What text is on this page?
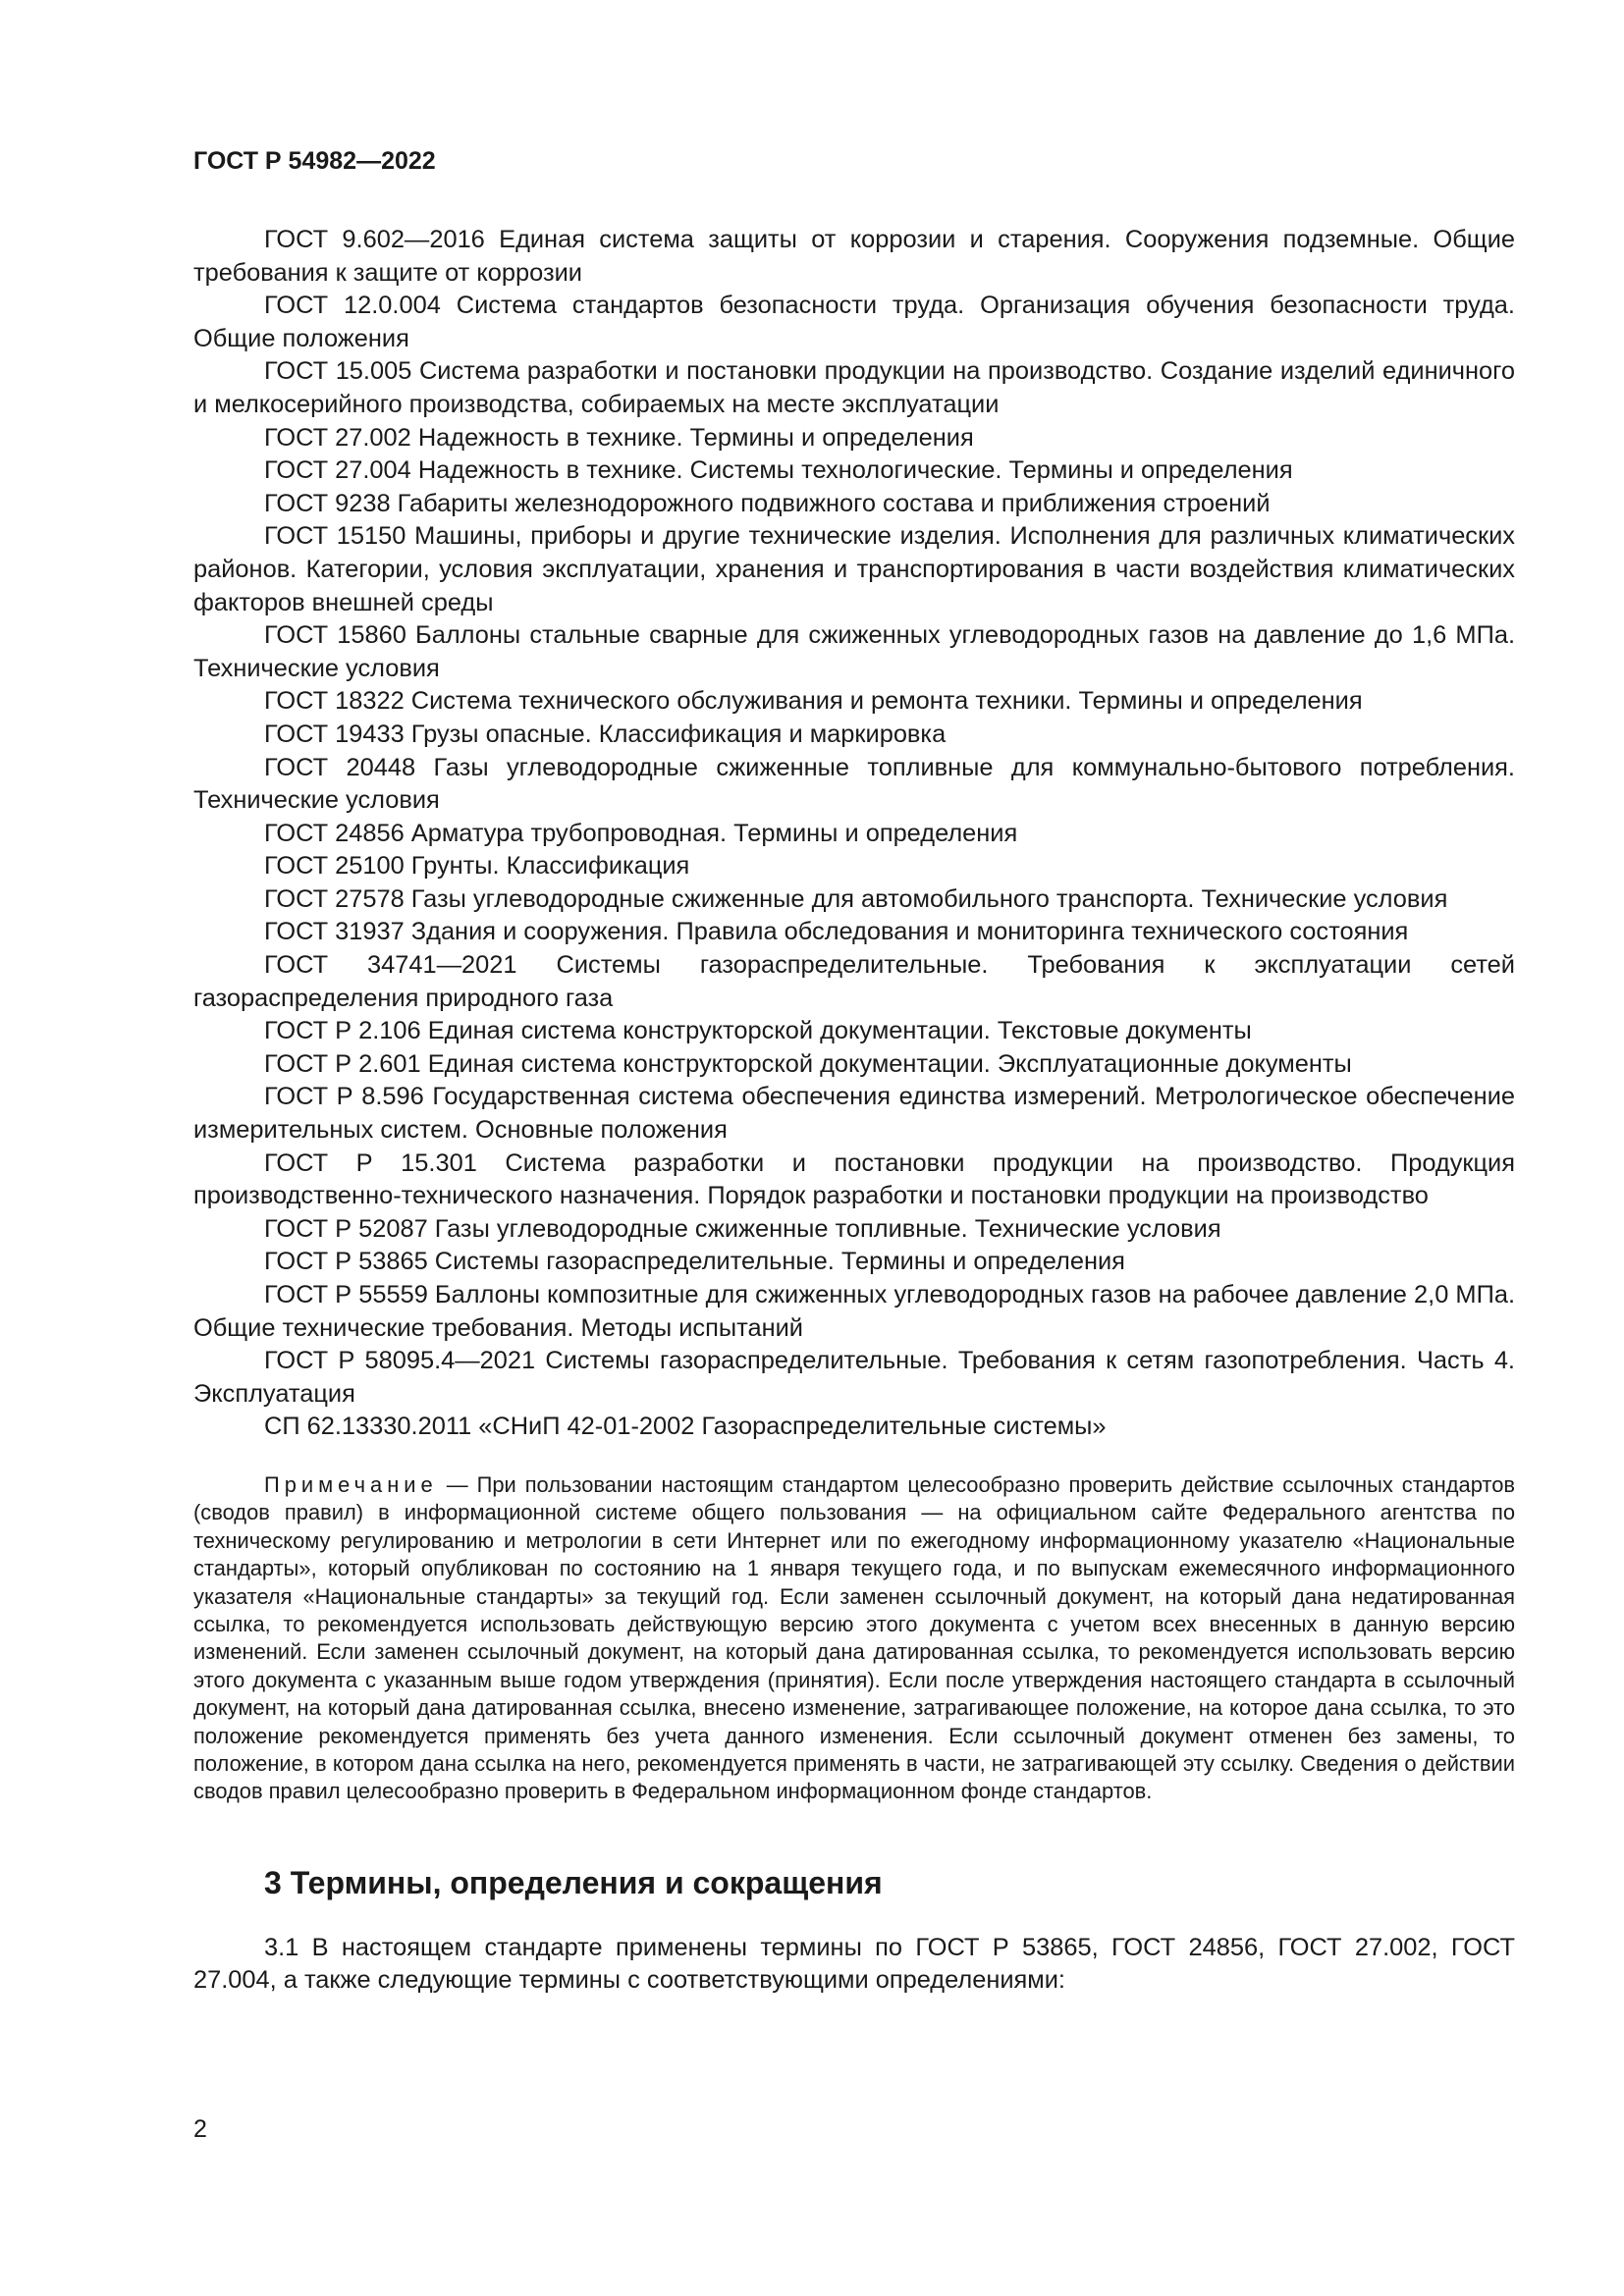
ГОСТ Р 54982—2022

ГОСТ 9.602—2016 Единая система защиты от коррозии и старения. Сооружения подземные. Общие требования к защите от коррозии

ГОСТ 12.0.004 Система стандартов безопасности труда. Организация обучения безопасности труда. Общие положения

ГОСТ 15.005 Система разработки и постановки продукции на производство. Создание изделий единичного и мелкосерийного производства, собираемых на месте эксплуатации

ГОСТ 27.002 Надежность в технике. Термины и определения

ГОСТ 27.004 Надежность в технике. Системы технологические. Термины и определения

ГОСТ 9238 Габариты железнодорожного подвижного состава и приближения строений

ГОСТ 15150 Машины, приборы и другие технические изделия. Исполнения для различных климатических районов. Категории, условия эксплуатации, хранения и транспортирования в части воздействия климатических факторов внешней среды

ГОСТ 15860 Баллоны стальные сварные для сжиженных углеводородных газов на давление до 1,6 МПа. Технические условия

ГОСТ 18322 Система технического обслуживания и ремонта техники. Термины и определения

ГОСТ 19433 Грузы опасные. Классификация и маркировка

ГОСТ 20448 Газы углеводородные сжиженные топливные для коммунально-бытового потребления. Технические условия

ГОСТ 24856 Арматура трубопроводная. Термины и определения

ГОСТ 25100 Грунты. Классификация

ГОСТ 27578 Газы углеводородные сжиженные для автомобильного транспорта. Технические условия

ГОСТ 31937 Здания и сооружения. Правила обследования и мониторинга технического состояния

ГОСТ 34741—2021 Системы газораспределительные. Требования к эксплуатации сетей газораспределения природного газа

ГОСТ Р 2.106 Единая система конструкторской документации. Текстовые документы

ГОСТ Р 2.601 Единая система конструкторской документации. Эксплуатационные документы

ГОСТ Р 8.596 Государственная система обеспечения единства измерений. Метрологическое обеспечение измерительных систем. Основные положения

ГОСТ Р 15.301 Система разработки и постановки продукции на производство. Продукция производственно-технического назначения. Порядок разработки и постановки продукции на производство

ГОСТ Р 52087 Газы углеводородные сжиженные топливные. Технические условия

ГОСТ Р 53865 Системы газораспределительные. Термины и определения

ГОСТ Р 55559 Баллоны композитные для сжиженных углеводородных газов на рабочее давление 2,0 МПа. Общие технические требования. Методы испытаний

ГОСТ Р 58095.4—2021 Системы газораспределительные. Требования к сетям газопотребления. Часть 4. Эксплуатация

СП 62.13330.2011 «СНиП 42-01-2002 Газораспределительные системы»

Примечание — При пользовании настоящим стандартом целесообразно проверить действие ссылочных стандартов (сводов правил) в информационной системе общего пользования — на официальном сайте Федерального агентства по техническому регулированию и метрологии в сети Интернет или по ежегодному информационному указателю «Национальные стандарты», который опубликован по состоянию на 1 января текущего года, и по выпускам ежемесячного информационного указателя «Национальные стандарты» за текущий год. Если заменен ссылочный документ, на который дана недатированная ссылка, то рекомендуется использовать действующую версию этого документа с учетом всех внесенных в данную версию изменений. Если заменен ссылочный документ, на который дана датированная ссылка, то рекомендуется использовать версию этого документа с указанным выше годом утверждения (принятия). Если после утверждения настоящего стандарта в ссылочный документ, на который дана датированная ссылка, внесено изменение, затрагивающее положение, на которое дана ссылка, то это положение рекомендуется применять без учета данного изменения. Если ссылочный документ отменен без замены, то положение, в котором дана ссылка на него, рекомендуется применять в части, не затрагивающей эту ссылку. Сведения о действии сводов правил целесообразно проверить в Федеральном информационном фонде стандартов.

3 Термины, определения и сокращения

3.1 В настоящем стандарте применены термины по ГОСТ Р 53865, ГОСТ 24856, ГОСТ 27.002, ГОСТ 27.004, а также следующие термины с соответствующими определениями:

2
